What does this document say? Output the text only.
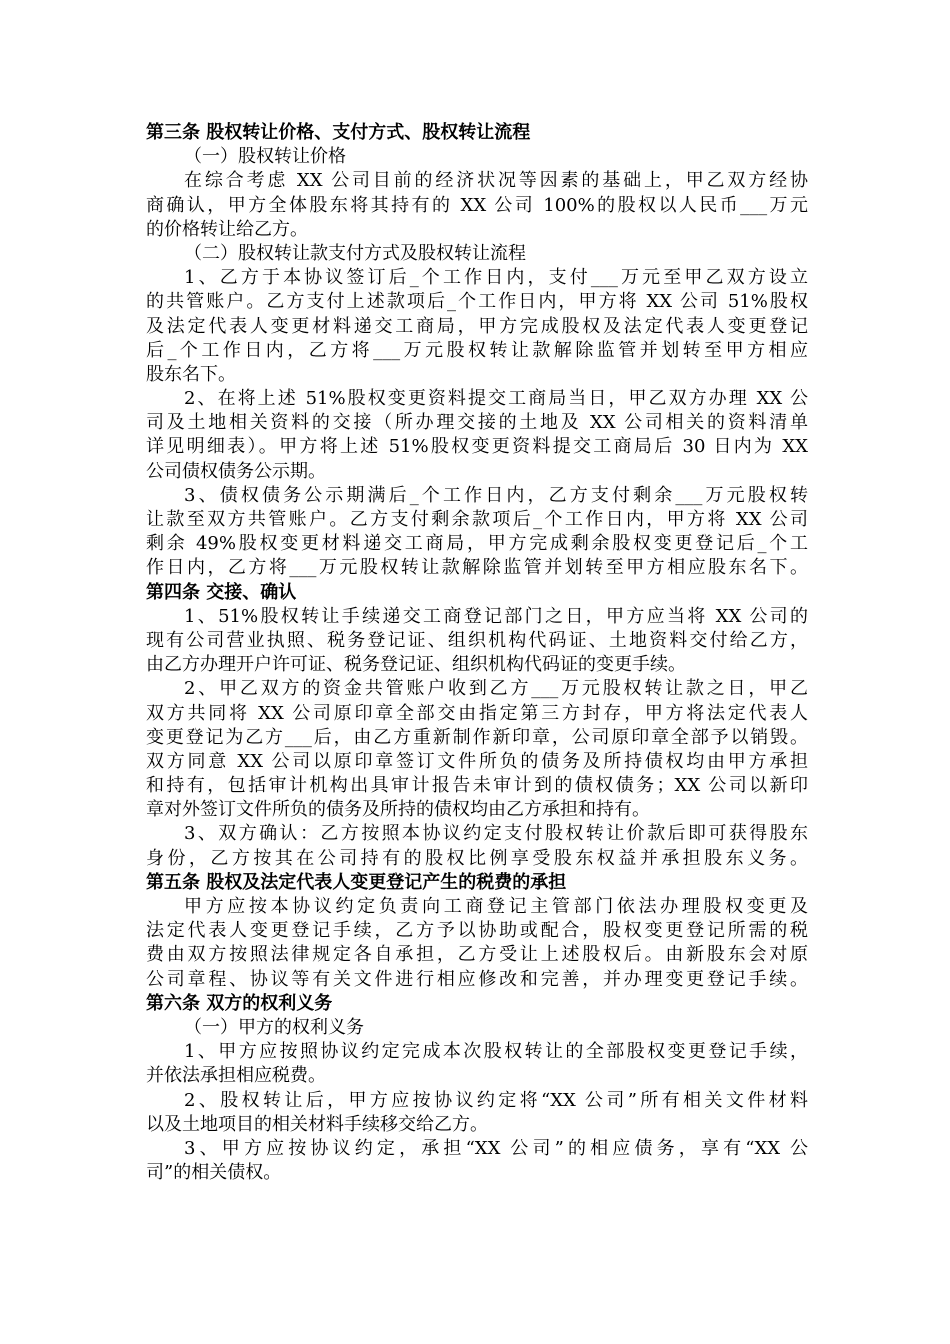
第三条 股权转让价格、支付方式、股权转让流程
（一）股权转让价格
在综合考虑 XX 公司目前的经济状况等因素的基础上，甲乙双方经协
商确认，甲方全体股东将其持有的 XX 公司 100%的股权以人民币___万元
的价格转让给乙方。
（二）股权转让款支付方式及股权转让流程
1、乙方于本协议签订后_个工作日内，支付___万元至甲乙双方设立
的共管账户。乙方支付上述款项后_个工作日内，甲方将 XX 公司 51%股权
及法定代表人变更材料递交工商局，甲方完成股权及法定代表人变更登记
后_个工作日内，乙方将___万元股权转让款解除监管并划转至甲方相应
股东名下。
2、在将上述 51%股权变更资料提交工商局当日，甲乙双方办理 XX 公
司及土地相关资料的交接（所办理交接的土地及 XX 公司相关的资料清单
详见明细表）。甲方将上述 51%股权变更资料提交工商局后 30 日内为 XX
公司债权债务公示期。
3、债权债务公示期满后_个工作日内，乙方支付剩余___万元股权转
让款至双方共管账户。乙方支付剩余款项后_个工作日内，甲方将 XX 公司
剩余 49%股权变更材料递交工商局，甲方完成剩余股权变更登记后_个工
作日内，乙方将___万元股权转让款解除监管并划转至甲方相应股东名下。
第四条 交接、确认
1、51%股权转让手续递交工商登记部门之日，甲方应当将 XX 公司的
现有公司营业执照、税务登记证、组织机构代码证、土地资料交付给乙方，
由乙方办理开户许可证、税务登记证、组织机构代码证的变更手续。
2、甲乙双方的资金共管账户收到乙方___万元股权转让款之日，甲乙
双方共同将 XX 公司原印章全部交由指定第三方封存，甲方将法定代表人
变更登记为乙方___后，由乙方重新制作新印章，公司原印章全部予以销毁。
双方同意 XX 公司以原印章签订文件所负的债务及所持债权均由甲方承担
和持有，包括审计机构出具审计报告未审计到的债权债务；XX 公司以新印
章对外签订文件所负的债务及所持的债权均由乙方承担和持有。
3、双方确认：乙方按照本协议约定支付股权转让价款后即可获得股东
身份，乙方按其在公司持有的股权比例享受股东权益并承担股东义务。
第五条 股权及法定代表人变更登记产生的税费的承担
甲方应按本协议约定负责向工商登记主管部门依法办理股权变更及
法定代表人变更登记手续，乙方予以协助或配合，股权变更登记所需的税
费由双方按照法律规定各自承担，乙方受让上述股权后。由新股东会对原
公司章程、协议等有关文件进行相应修改和完善，并办理变更登记手续。
第六条 双方的权利义务
（一）甲方的权利义务
1、甲方应按照协议约定完成本次股权转让的全部股权变更登记手续，
并依法承担相应税费。
2、股权转让后，甲方应按协议约定将“XX 公司”所有相关文件材料
以及土地项目的相关材料手续移交给乙方。
3、甲方应按协议约定，承担“XX 公司”的相应债务，享有“XX 公
司”的相关债权。
